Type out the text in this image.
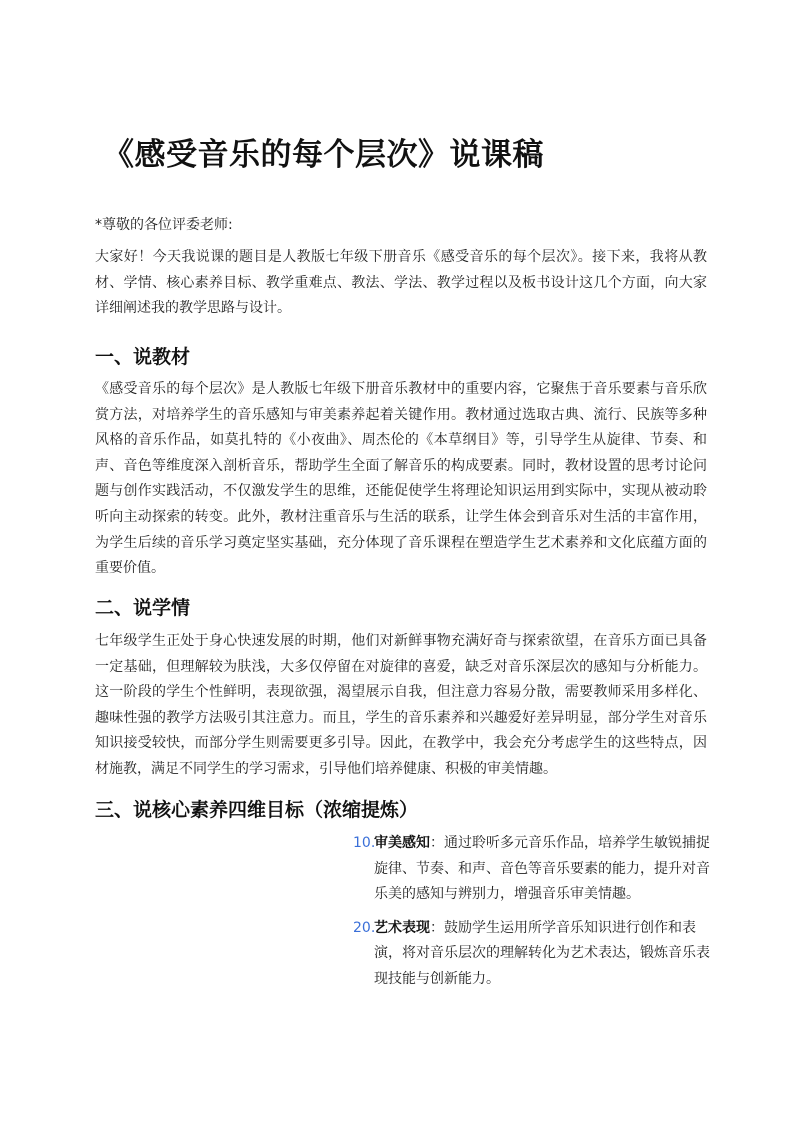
《感受音乐的每个层次》说课稿

*尊敬的各位评委老师:

大家好！今天我说课的题目是人教版七年级下册音乐《感受音乐的每个层次》。接下来，我将从教材、学情、核心素养目标、教学重难点、教法、学法、教学过程以及板书设计这几个方面，向大家详细阐述我的教学思路与设计。

一、说教材

《感受音乐的每个层次》是人教版七年级下册音乐教材中的重要内容，它聚焦于音乐要素与音乐欣赏方法，对培养学生的音乐感知与审美素养起着关键作用。教材通过选取古典、流行、民族等多种风格的音乐作品，如莫扎特的《小夜曲》、周杰伦的《本草纲目》等，引导学生从旋律、节奏、和声、音色等维度深入剖析音乐，帮助学生全面了解音乐的构成要素。同时，教材设置的思考讨论问题与创作实践活动，不仅激发学生的思维，还能促使学生将理论知识运用到实际中，实现从被动聆听向主动探索的转变。此外，教材注重音乐与生活的联系，让学生体会到音乐对生活的丰富作用，为学生后续的音乐学习奠定坚实基础，充分体现了音乐课程在塑造学生艺术素养和文化底蕴方面的重要价值。

二、说学情

七年级学生正处于身心快速发展的时期，他们对新鲜事物充满好奇与探索欲望，在音乐方面已具备一定基础，但理解较为肤浅，大多仅停留在对旋律的喜爱，缺乏对音乐深层次的感知与分析能力。这一阶段的学生个性鲜明，表现欲强，渴望展示自我，但注意力容易分散，需要教师采用多样化、趣味性强的教学方法吸引其注意力。而且，学生的音乐素养和兴趣爱好差异明显，部分学生对音乐知识接受较快，而部分学生则需要更多引导。因此，在教学中，我会充分考虑学生的这些特点，因材施教，满足不同学生的学习需求，引导他们培养健康、积极的审美情趣。

三、说核心素养四维目标（浓缩提炼）
10.
审美感知：通过聆听多元音乐作品，培养学生敏锐捕捉旋律、节奏、和声、音色等音乐要素的能力，提升对音乐美的感知与辨别力，增强音乐审美情趣。
20.
艺术表现：鼓励学生运用所学音乐知识进行创作和表演，将对音乐层次的理解转化为艺术表达，锻炼音乐表现技能与创新能力。
